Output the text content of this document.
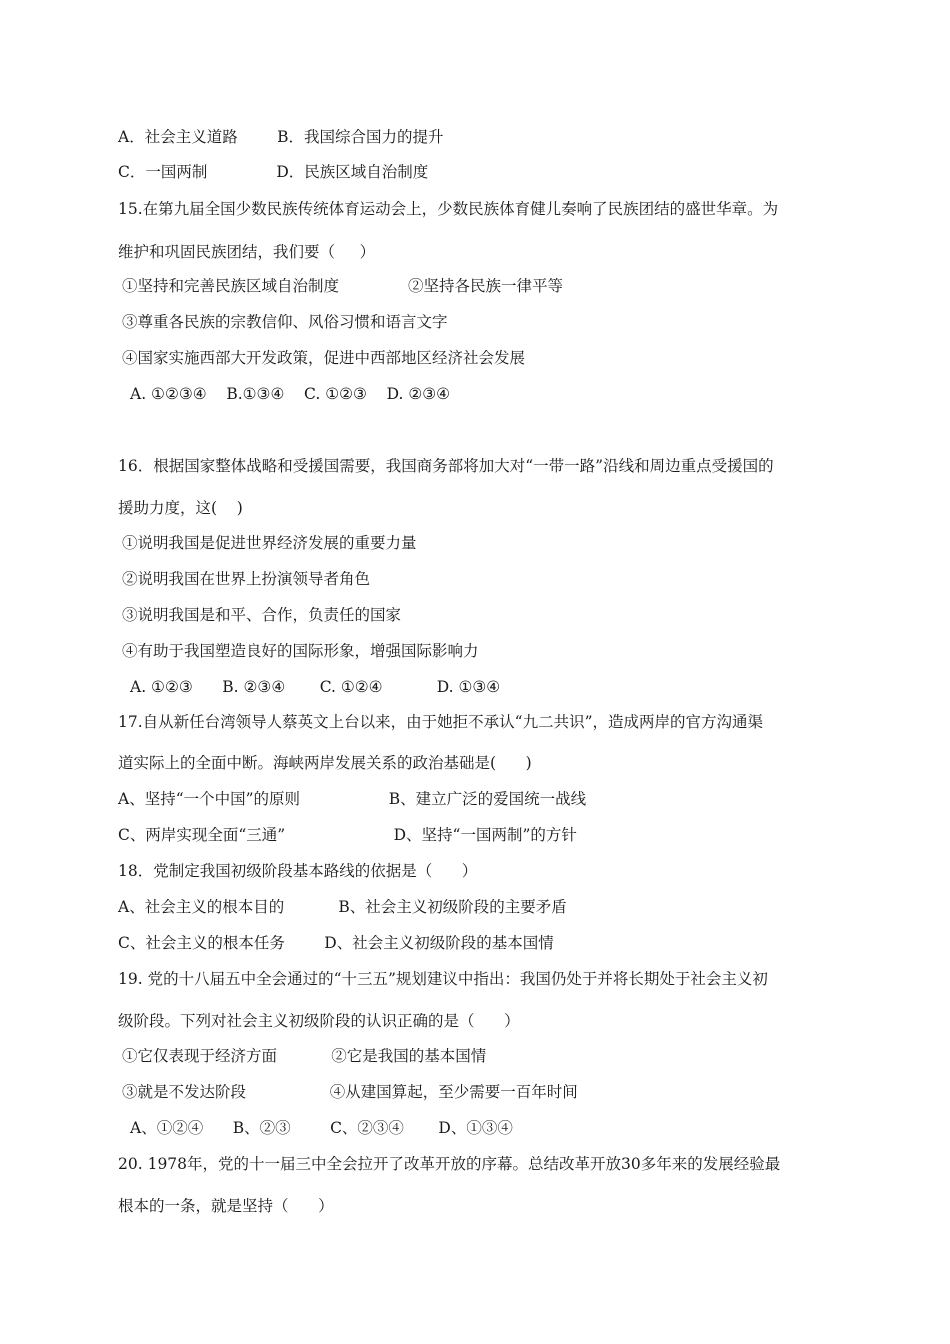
A．社会主义道路        B．我国综合国力的提升
C．一国两制              D．民族区域自治制度
15.在第九届全国少数民族传统体育运动会上，少数民族体育健儿奏响了民族团结的盛世华章。为
维护和巩固民族团结，我们要（     ）
①坚持和完善民族区域自治制度              ②坚持各民族一律平等
③尊重各民族的宗教信仰、风俗习惯和语言文字
④国家实施西部大开发政策，促进中西部地区经济社会发展
A. ①②③④    B.①③④    C. ①②③    D. ②③④
16．根据国家整体战略和受援国需要，我国商务部将加大对“一带一路”沿线和周边重点受援国的
援助力度，这(    )
①说明我国是促进世界经济发展的重要力量
②说明我国在世界上扮演领导者角色
③说明我国是和平、合作，负责任的国家
④有助于我国塑造良好的国际形象，增强国际影响力
A. ①②③      B. ②③④       C. ①②④           D. ①③④
17.自从新任台湾领导人蔡英文上台以来，由于她拒不承认“九二共识”，造成两岸的官方沟通渠
道实际上的全面中断。海峡两岸发展关系的政治基础是(      )
A、坚持“一个中国”的原则                  B、建立广泛的爱国统一战线
C、两岸实现全面“三通”                      D、坚持“一国两制”的方针
18．党制定我国初级阶段基本路线的依据是（      ）
A、社会主义的根本目的           B、社会主义初级阶段的主要矛盾
C、社会主义的根本任务        D、社会主义初级阶段的基本国情
19. 党的十八届五中全会通过的“十三五”规划建议中指出：我国仍处于并将长期处于社会主义初
级阶段。下列对社会主义初级阶段的认识正确的是（      ）
①它仅表现于经济方面           ②它是我国的基本国情
③就是不发达阶段                 ④从建国算起，至少需要一百年时间
A、①②④      B、②③        C、②③④       D、①③④
20. 1978年，党的十一届三中全会拉开了改革开放的序幕。总结改革开放30多年来的发展经验最
根本的一条，就是坚持（      ）
